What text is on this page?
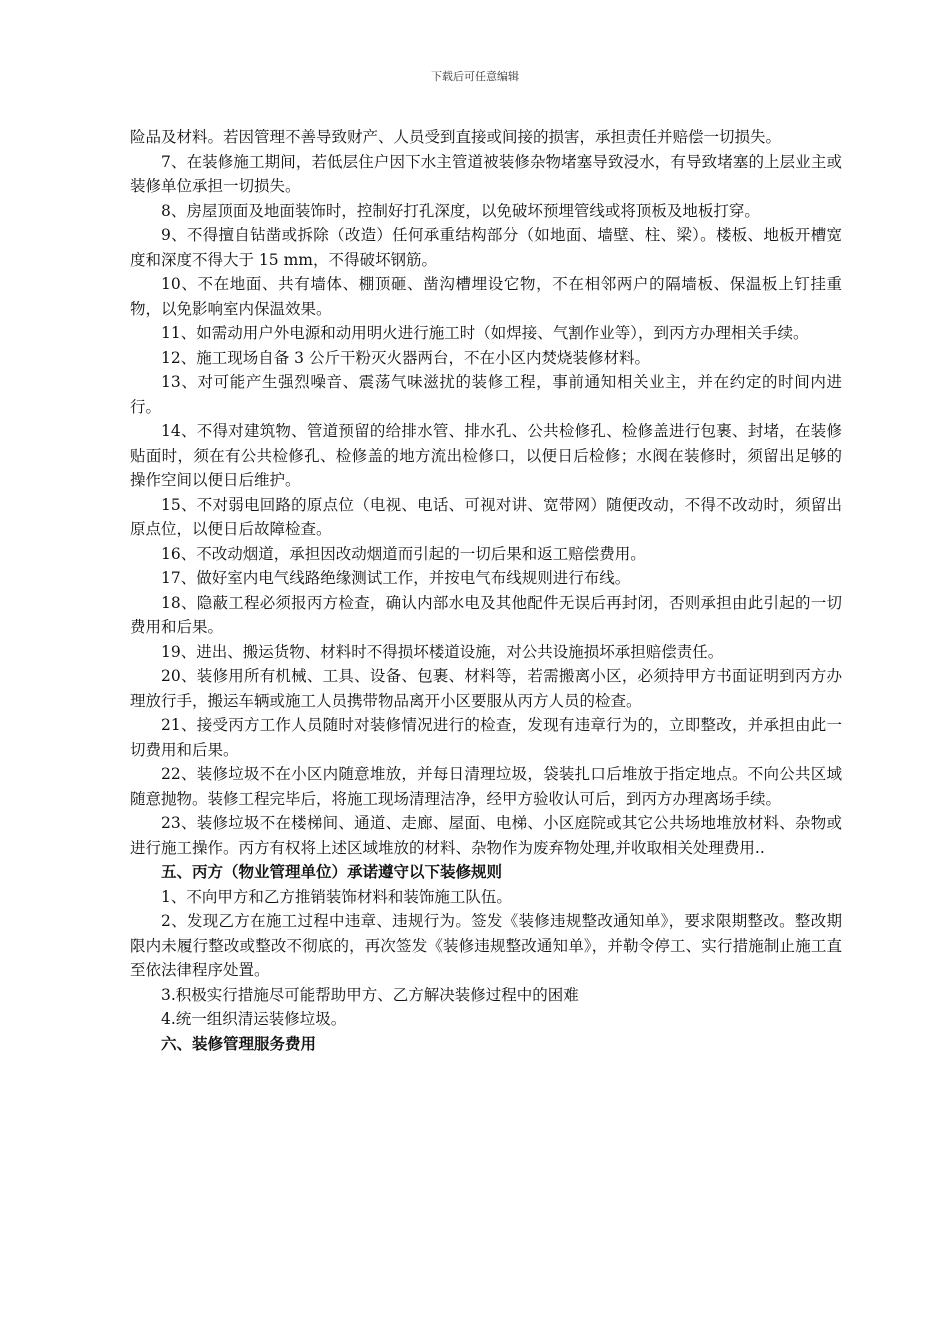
下载后可任意编辑

险品及材料。若因管理不善导致财产、人员受到直接或间接的损害，承担责任并赔偿一切损失。

7、在装修施工期间，若低层住户因下水主管道被装修杂物堵塞导致浸水，有导致堵塞的上层业主或装修单位承担一切损失。

8、房屋顶面及地面装饰时，控制好打孔深度，以免破坏预埋管线或将顶板及地板打穿。

9、不得擅自钻凿或拆除（改造）任何承重结构部分（如地面、墙壁、柱、梁）。楼板、地板开槽宽度和深度不得大于 15 mm，不得破坏钢筋。

10、不在地面、共有墙体、棚顶砸、凿沟槽埋设它物，不在相邻两户的隔墙板、保温板上钉挂重物，以免影响室内保温效果。

11、如需动用户外电源和动用明火进行施工时（如焊接、气割作业等），到丙方办理相关手续。

12、施工现场自备 3 公斤干粉灭火器两台，不在小区内焚烧装修材料。

13、对可能产生强烈噪音、震荡气味滋扰的装修工程，事前通知相关业主，并在约定的时间内进行。

14、不得对建筑物、管道预留的给排水管、排水孔、公共检修孔、检修盖进行包裹、封堵，在装修贴面时，须在有公共检修孔、检修盖的地方流出检修口，以便日后检修；水阀在装修时，须留出足够的操作空间以便日后维护。

15、不对弱电回路的原点位（电视、电话、可视对讲、宽带网）随便改动，不得不改动时，须留出原点位，以便日后故障检查。

16、不改动烟道，承担因改动烟道而引起的一切后果和返工赔偿费用。

17、做好室内电气线路绝缘测试工作，并按电气布线规则进行布线。

18、隐蔽工程必须报丙方检查，确认内部水电及其他配件无误后再封闭，否则承担由此引起的一切费用和后果。

19、进出、搬运货物、材料时不得损坏楼道设施，对公共设施损坏承担赔偿责任。

20、装修用所有机械、工具、设备、包裹、材料等，若需搬离小区，必须持甲方书面证明到丙方办理放行手，搬运车辆或施工人员携带物品离开小区要服从丙方人员的检查。

21、接受丙方工作人员随时对装修情况进行的检查，发现有违章行为的，立即整改，并承担由此一切费用和后果。

22、装修垃圾不在小区内随意堆放，并每日清理垃圾，袋装扎口后堆放于指定地点。不向公共区域随意抛物。装修工程完毕后，将施工现场清理洁净，经甲方验收认可后，到丙方办理离场手续。

23、装修垃圾不在楼梯间、通道、走廊、屋面、电梯、小区庭院或其它公共场地堆放材料、杂物或进行施工操作。丙方有权将上述区域堆放的材料、杂物作为废弃物处理,并收取相关处理费用..

五、丙方（物业管理单位）承诺遵守以下装修规则

1、不向甲方和乙方推销装饰材料和装饰施工队伍。

2、发现乙方在施工过程中违章、违规行为。签发《装修违规整改通知单》，要求限期整改。整改期限内未履行整改或整改不彻底的，再次签发《装修违规整改通知单》，并勒令停工、实行措施制止施工直至依法律程序处置。

3.积极实行措施尽可能帮助甲方、乙方解决装修过程中的困难

4.统一组织清运装修垃圾。

六、装修管理服务费用
